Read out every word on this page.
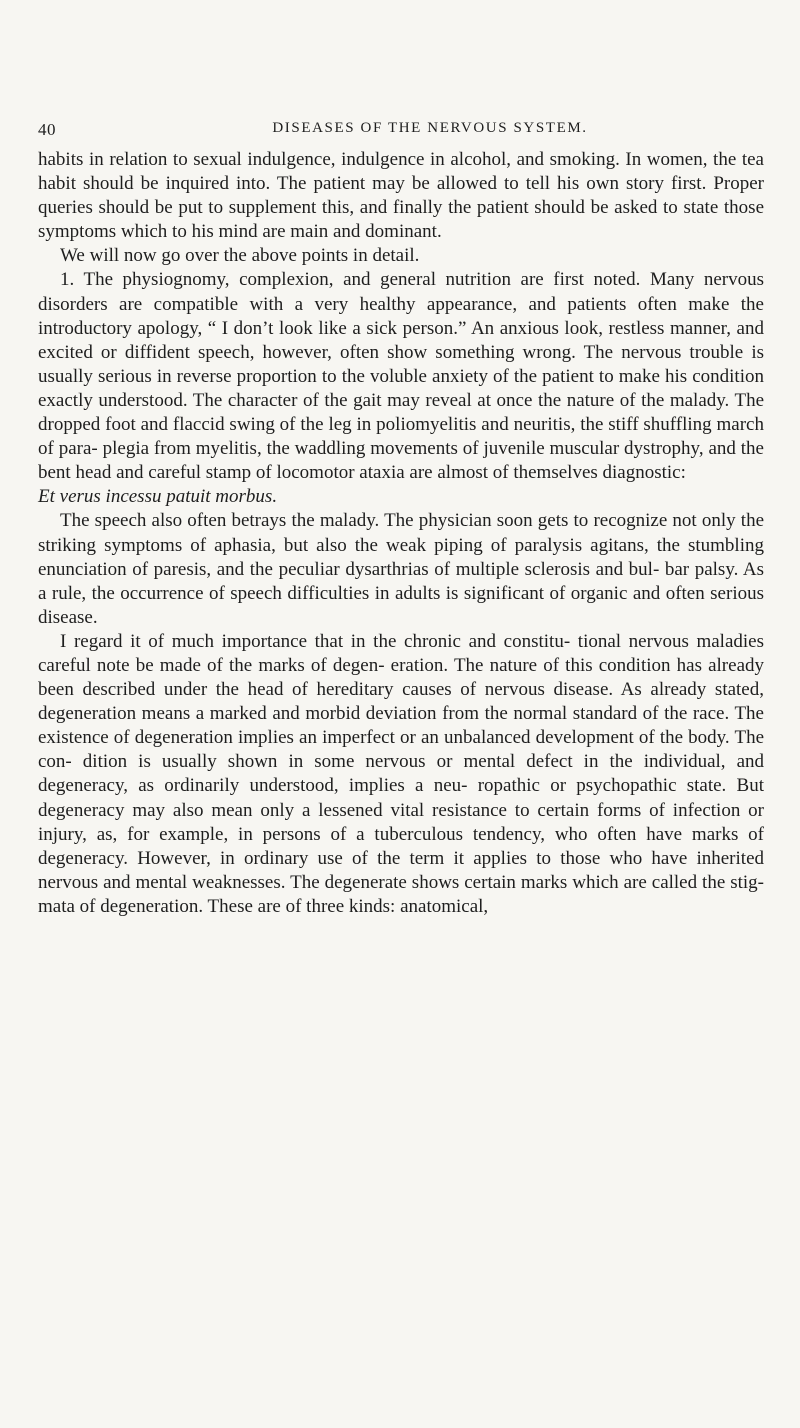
40	DISEASES OF THE NERVOUS SYSTEM.

habits in relation to sexual indulgence, indulgence in alcohol, and smoking. In women, the tea habit should be inquired into. The patient may be allowed to tell his own story first. Proper queries should be put to supplement this, and finally the patient should be asked to state those symptoms which to his mind are main and dominant.

We will now go over the above points in detail.

1. The physiognomy, complexion, and general nutrition are first noted. Many nervous disorders are compatible with a very healthy appearance, and patients often make the introductory apology, “ I don’t look like a sick person.” An anxious look, restless manner, and excited or diffident speech, however, often show something wrong. The nervous trouble is usually serious in reverse proportion to the voluble anxiety of the patient to make his condition exactly understood. The character of the gait may reveal at once the nature of the malady. The dropped foot and flaccid swing of the leg in poliomyelitis and neuritis, the stiff shuffling march of para- plegia from myelitis, the waddling movements of juvenile muscular dystrophy, and the bent head and careful stamp of locomotor ataxia are almost of themselves diagnostic:

Et verus incessu patuit morbus.

The speech also often betrays the malady. The physician soon gets to recognize not only the striking symptoms of aphasia, but also the weak piping of paralysis agitans, the stumbling enunciation of paresis, and the peculiar dysarthrias of multiple sclerosis and bul- bar palsy. As a rule, the occurrence of speech difficulties in adults is significant of organic and often serious disease.

I regard it of much importance that in the chronic and constitu- tional nervous maladies careful note be made of the marks of degen- eration. The nature of this condition has already been described under the head of hereditary causes of nervous disease. As already stated, degeneration means a marked and morbid deviation from the normal standard of the race. The existence of degeneration implies an imperfect or an unbalanced development of the body. The con- dition is usually shown in some nervous or mental defect in the individual, and degeneracy, as ordinarily understood, implies a neu- ropathic or psychopathic state. But degeneracy may also mean only a lessened vital resistance to certain forms of infection or injury, as, for example, in persons of a tuberculous tendency, who often have marks of degeneracy. However, in ordinary use of the term it applies to those who have inherited nervous and mental weaknesses. The degenerate shows certain marks which are called the stig- mata of degeneration. These are of three kinds: anatomical,
